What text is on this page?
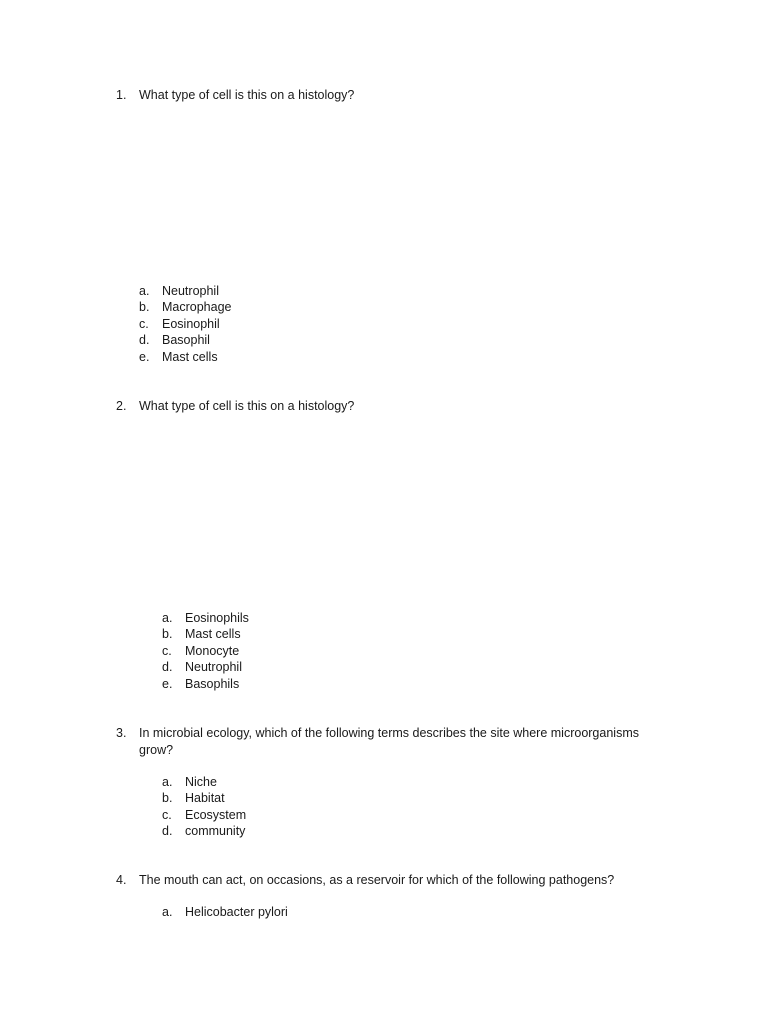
1.	What type of cell is this on a histology?
a.	Neutrophil
b.	Macrophage
c.	Eosinophil
d.	Basophil
e.	Mast cells
2.	What type of cell is this on a histology?
a.	Eosinophils
b.	Mast cells
c.	Monocyte
d.	Neutrophil
e.	Basophils
3.	In microbial ecology, which of the following terms describes the site where microorganisms grow?
a.	Niche
b.	Habitat
c.	Ecosystem
d.	community
4.	The mouth can act, on occasions, as a reservoir for which of the following pathogens?
a.	Helicobacter pylori
